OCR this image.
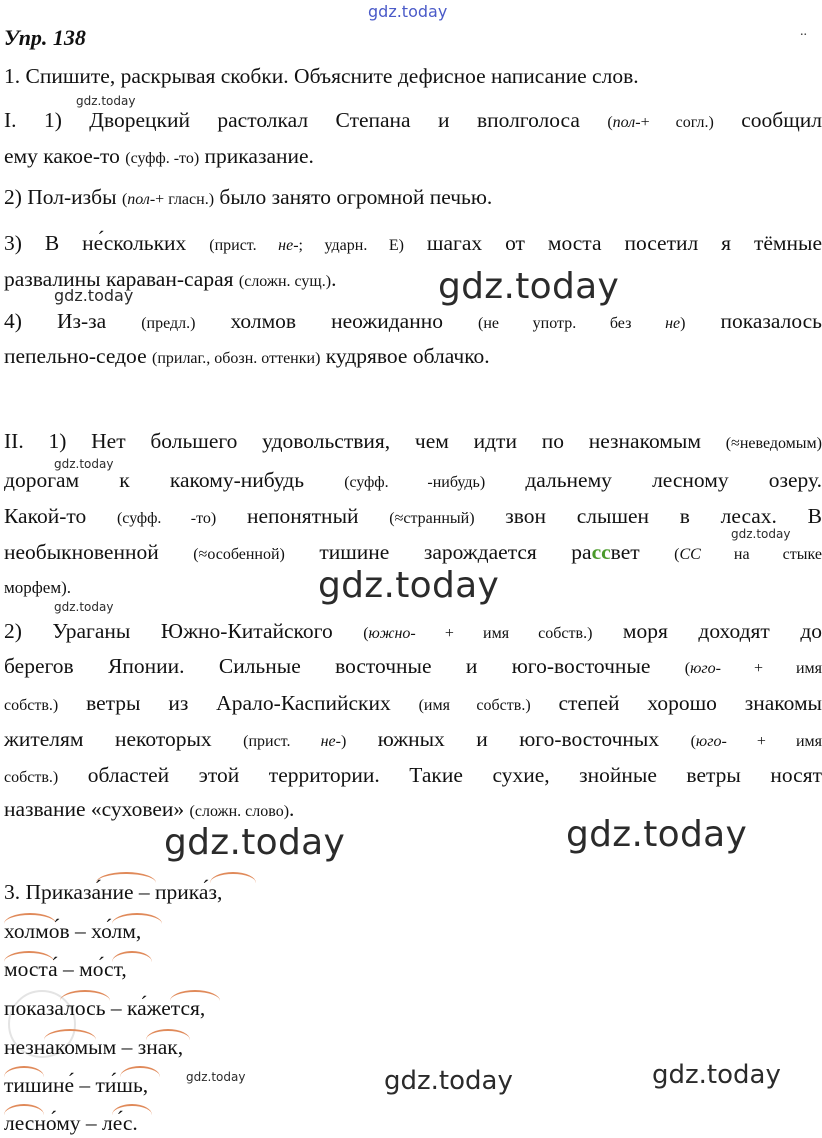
gdz.today
gdz.today
gdz.today
gdz.today
gdz.today
gdz.today
gdz.today
gdz.today
gdz.today	gdz.today
gdz.today	gdz.today	gdz.today
..
Упр. 138
1. Спишите, раскрывая скобки. Объясните дефисное написание слов.
I. 1) Дворецкий растолкал Степана и вполголоса (пол-+ согл.) сообщил
ему какое-то (суфф. -то) приказание.
2) Пол-избы (пол-+ гласн.) было занято огромной печью.
3) В не́скольких (прист. не-; ударн. Е) шагах от моста посетил я тёмные
развалины караван-сарая (сложн. сущ.).
4) Из-за (предл.) холмов неожиданно (не употр. без не) показалось
пепельно-седое (прилаг., обозн. оттенки) кудрявое облачко.
II. 1) Нет большего удовольствия, чем идти по незнакомым (≈неведомым)
дорогам к какому-нибудь (суфф. -нибудь) дальнему лесному озеру.
Какой-то (суфф. -то) непонятный (≈странный) звон слышен в лесах. В
необыкновенной (≈особенной) тишине зарождается рассвет (СС на стыке
морфем).
2) Ураганы Южно-Китайского (южно- + имя собств.) моря доходят до
берегов Японии. Сильные восточные и юго-восточные (юго- + имя
собств.) ветры из Арало-Каспийских (имя собств.) степей хорошо знакомы
жителям некоторых (прист. не-) южных и юго-восточных (юго- + имя
собств.) областей этой территории. Такие сухие, знойные ветры носят
название «суховеи» (сложн. слово).
3. Приказа́ние – прика́з,
холмо́в – хо́лм,
моста́ – мо́ст,
показалось – ка́жется,
незнакомым – знак,
тишине́ – ти́шь,
лесно́му – ле́с.
